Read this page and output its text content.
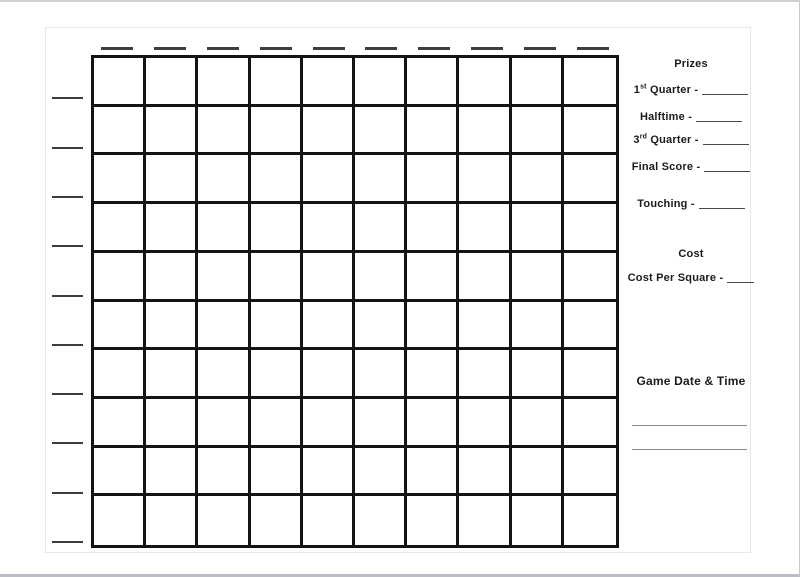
Prizes
1st Quarter -
Halftime -
3rd Quarter -
Final Score -
Touching -
Cost
Cost Per Square -
Game Date & Time
